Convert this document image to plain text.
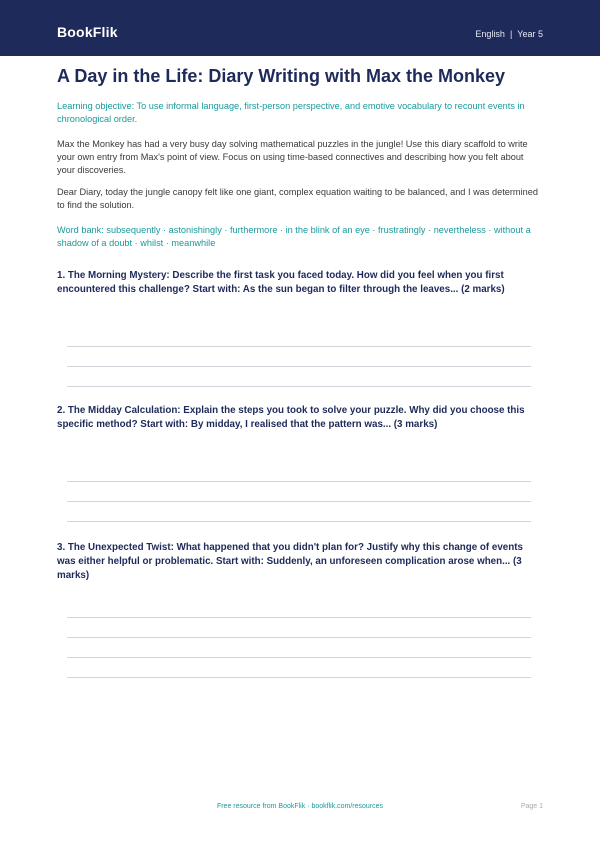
BookFlik	English | Year 5
A Day in the Life: Diary Writing with Max the Monkey

Learning objective: To use informal language, first-person perspective, and emotive vocabulary to recount events in chronological order.

Max the Monkey has had a very busy day solving mathematical puzzles in the jungle! Use this diary scaffold to write your own entry from Max's point of view. Focus on using time-based connectives and describing how you felt about your discoveries.

Dear Diary, today the jungle canopy felt like one giant, complex equation waiting to be balanced, and I was determined to find the solution.

Word bank: subsequently · astonishingly · furthermore · in the blink of an eye · frustratingly · nevertheless · without a shadow of a doubt · whilst · meanwhile

1. The Morning Mystery: Describe the first task you faced today. How did you feel when you first encountered this challenge? Start with: As the sun began to filter through the leaves... (2 marks)

2. The Midday Calculation: Explain the steps you took to solve your puzzle. Why did you choose this specific method? Start with: By midday, I realised that the pattern was... (3 marks)

3. The Unexpected Twist: What happened that you didn't plan for? Justify why this change of events was either helpful or problematic. Start with: Suddenly, an unforeseen complication arose when... (3 marks)

Free resource from BookFlik · bookflik.com/resources	Page 1
